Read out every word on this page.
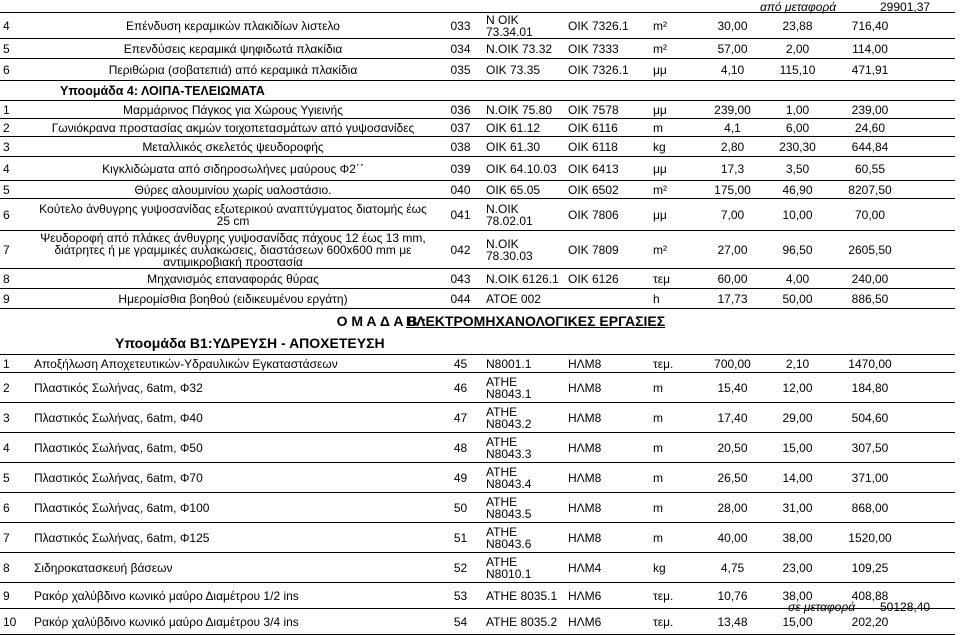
από μεταφορά	29901,37
4	Επένδυση κεραμικών πλακιδίων λιστελο	033	Ν ΟΙΚ 73.34.01	ΟΙΚ 7326.1	m²	30,00	23,88	716,40	
5	Επενδύσεις κεραμικά ψηφιδωτά πλακίδια	034	Ν.ΟΙΚ 73.32	ΟΙΚ 7333	m²	57,00	2,00	114,00	
6	Περιθώρια (σοβατεπιά) από κεραμικά πλακίδια	035	ΟΙΚ 73.35	ΟΙΚ 7326.1	μμ	4,10	115,10	471,91	
Υποομάδα 4: ΛΟΙΠΑ-ΤΕΛΕΙΩΜΑΤΑ									
1	Μαρμάρινος Πάγκος για Χώρους Υγιεινής	036	Ν.ΟΙΚ 75.80	ΟΙΚ 7578	μμ	239,00	1,00	239,00	
2	Γωνιόκρανα προστασίας ακμών τοιχοπετασμάτων από γυψοσανίδες	037	ΟΙΚ 61.12	ΟΙΚ 6116	m	4,1	6,00	24,60	
3	Μεταλλικός σκελετός ψευδοροφής	038	ΟΙΚ 61.30	ΟΙΚ 6118	kg	2,80	230,30	644,84	
4	Κιγκλιδώματα από σιδηροσωλήνες μαύρους Φ2΄΄	039	ΟΙΚ 64.10.03	ΟΙΚ 6413	μμ	17,3	3,50	60,55	
5	Θύρες αλουμινίου χωρίς υαλοστάσιο.	040	ΟΙΚ 65.05	ΟΙΚ 6502	m²	175,00	46,90	8207,50	
6	Κούτελο άνθυγρης γυψοσανίδας εξωτερικού αναπτύγματος διατομής έως 25 cm	041	Ν.ΟΙΚ 78.02.01	ΟΙΚ 7806	μμ	7,00	10,00	70,00	
7	Ψευδοροφή από πλάκες άνθυγρης γυψοσανίδας πάχους 12 έως 13 mm, διάτρητες ή με γραμμικές αυλακώσεις, διαστάσεων 600x600 mm με αντιμικροβιακή προστασία	042	Ν.ΟΙΚ 78.30.03	ΟΙΚ 7809	m²	27,00	96,50	2605,50	
8	Μηχανισμός επαναφοράς θύρας	043	Ν.ΟΙΚ 6126.1	ΟΙΚ 6126	τεμ	60,00	4,00	240,00	
9	Ημερομίσθια βοηθού (ειδικευμένου εργάτη)	044	ΑΤΟΕ 002		h	17,73	50,00	886,50	
Ο Μ Α Δ Α Β :		ΗΛΕΚΤΡΟΜΗΧΑΝΟΛΟΓΙΚΕΣ ΕΡΓΑΣΙΕΣ							
Υποομάδα Β1:ΥΔΡΕΥΣΗ - ΑΠΟΧΕΤΕΥΣΗ									
1	Αποξήλωση Αποχετευτικών-Υδραυλικών Εγκαταστάσεων	45	N8001.1	ΗΛΜ8	τεμ.	700,00	2,10	1470,00	
2	Πλαστικός Σωλήνας, 6atm, Φ32	46	ΑΤΗΕ N8043.1	ΗΛΜ8	m	15,40	12,00	184,80	
3	Πλαστικός Σωλήνας, 6atm, Φ40	47	ΑΤΗΕ N8043.2	ΗΛΜ8	m	17,40	29,00	504,60	
4	Πλαστικός Σωλήνας, 6atm, Φ50	48	ΑΤΗΕ N8043.3	ΗΛΜ8	m	20,50	15,00	307,50	
5	Πλαστικός Σωλήνας, 6atm, Φ70	49	ΑΤΗΕ N8043.4	ΗΛΜ8	m	26,50	14,00	371,00	
6	Πλαστικός Σωλήνας, 6atm, Φ100	50	ΑΤΗΕ N8043.5	ΗΛΜ8	m	28,00	31,00	868,00	
7	Πλαστικός Σωλήνας, 6atm, Φ125	51	ΑΤΗΕ N8043.6	ΗΛΜ8	m	40,00	38,00	1520,00	
8	Σιδηροκατασκευή βάσεων	52	ΑΤΗΕ N8010.1	ΗΛΜ4	kg	4,75	23,00	109,25	
9	Ρακόρ χαλύβδινο κωνικό μαύρο Διαμέτρου 1/2 ins	53	ΑΤΗΕ 8035.1	ΗΛΜ6	τεμ.	10,76	38,00	408,88	
10	Ρακόρ χαλύβδινο κωνικό μαύρο Διαμέτρου 3/4 ins	54	ΑΤΗΕ 8035.2	ΗΛΜ6	τεμ.	13,48	15,00	202,20	
σε μεταφορά 50128,40
